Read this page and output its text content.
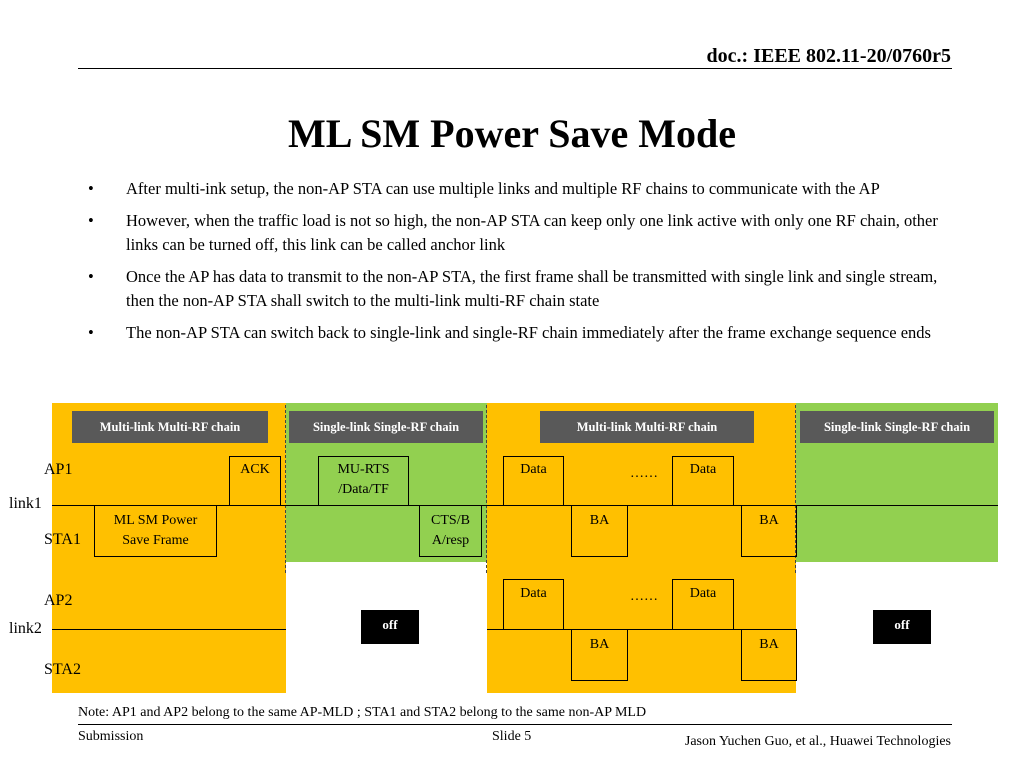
doc.: IEEE 802.11-20/0760r5
ML SM Power Save Mode
• After multi-ink setup, the non-AP STA can use multiple links and multiple RF chains to communicate with the AP
• However, when the traffic load is not so high, the non-AP STA can keep only one link active with only one RF chain, other links can be turned off, this link can be called anchor link
• Once the AP has data to transmit to the non-AP STA, the first frame shall be transmitted with single link and single stream, then the non-AP STA shall switch to the multi-link multi-RF chain state
• The non-AP STA can switch back to single-link and single-RF chain immediately after the frame exchange sequence ends
Multi-link Multi-RF chain	Single-link Single-RF chain	Multi-link Multi-RF chain	Single-link Single-RF chain
AP1
link1
STA1
AP2
link2
STA2
ACK
ML SM Power
Save Frame
MU-RTS
/Data/TF
CTS/B
A/resp
Data	……	Data
BA	BA
Data	……	Data
BA	BA
off	off
Note: AP1 and AP2 belong to the same AP-MLD ; STA1 and STA2 belong to the same non-AP MLD
Submission	Slide 5	Jason Yuchen Guo, et al., Huawei Technologies
